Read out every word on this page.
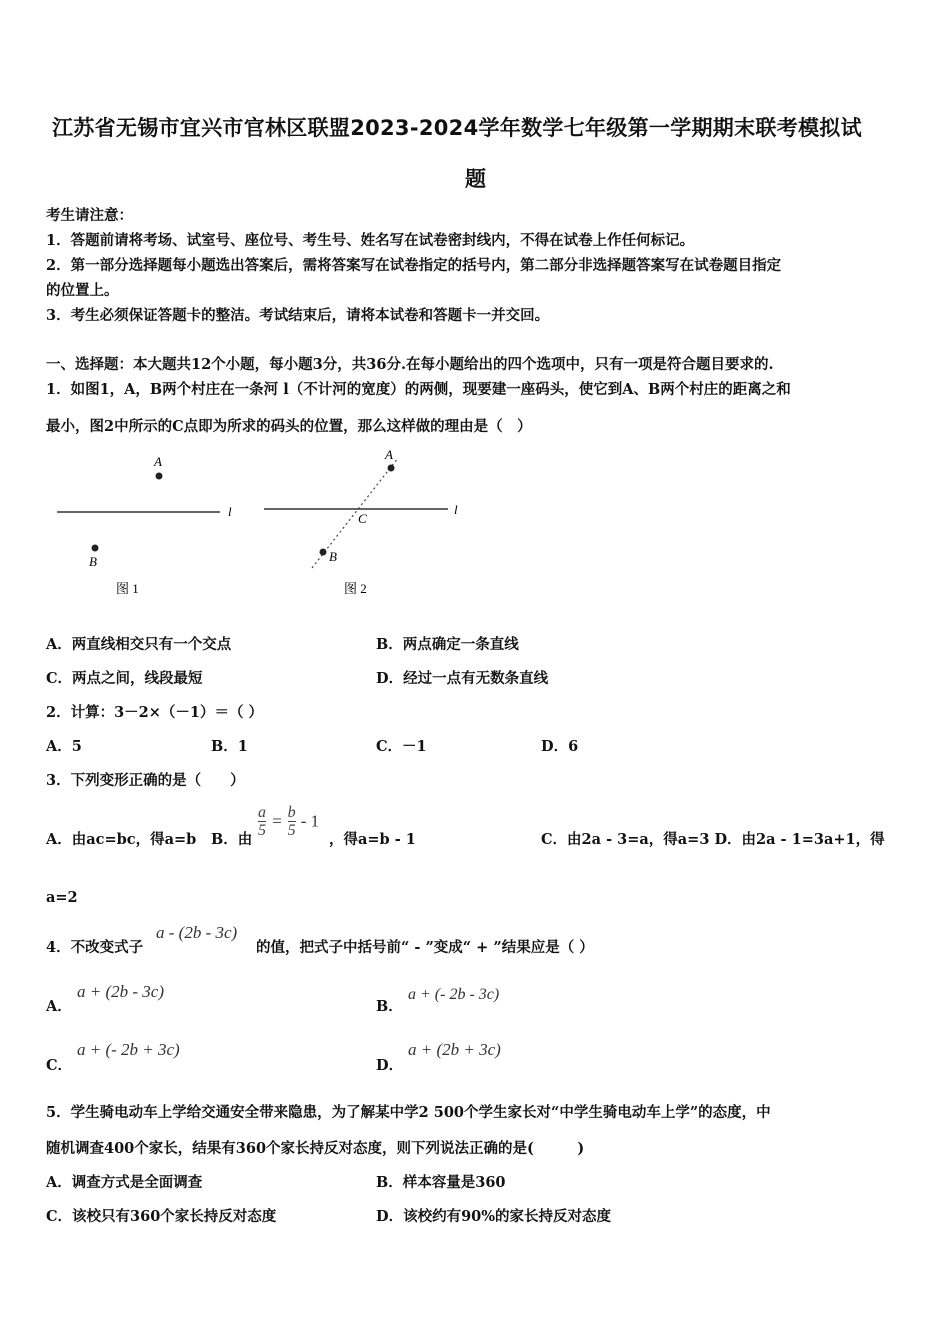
江苏省无锡市宜兴市官林区联盟2023-2024学年数学七年级第一学期期末联考模拟试
题
考生请注意：
1．答题前请将考场、试室号、座位号、考生号、姓名写在试卷密封线内，不得在试卷上作任何标记。
2．第一部分选择题每小题选出答案后，需将答案写在试卷指定的括号内，第二部分非选择题答案写在试卷题目指定
的位置上。
3．考生必须保证答题卡的整洁。考试结束后，请将本试卷和答题卡一并交回。
一、选择题：本大题共12个小题，每小题3分，共36分.在每小题给出的四个选项中，只有一项是符合题目要求的.
1．如图1，A，B两个村庄在一条河 l（不计河的宽度）的两侧，现要建一座码头，使它到A、B两个村庄的距离之和
最小，图2中所示的C点即为所求的码头的位置，那么这样做的理由是（　）
A
B
l
图 1
A
B
C
l
图 2
A．两直线相交只有一个交点	B．两点确定一条直线
C．两点之间，线段最短	D．经过一点有无数条直线
2．计算：3－2×（－1）＝（ ）
A．5	B．1	C．－1	D．6
3．下列变形正确的是（　　）
A．由ac=bc，得a=b B．由
$\frac{a}{5} = \frac{b}{5} - 1$
，得a=b - 1	C．由2a - 3=a，得a=3 D．由2a - 1=3a+1，得
a=2
4．不改变式子
a - (2b - 3c)
的值，把式子中括号前“ - ”变成“ + ”结果应是（ ）
A．
a + (2b - 3c)
B．
a + (- 2b - 3c)
C．
a + (- 2b + 3c)
D．
a + (2b + 3c)
5．学生骑电动车上学给交通安全带来隐患，为了解某中学2 500个学生家长对“中学生骑电动车上学”的态度，中
随机调查400个家长，结果有360个家长持反对态度，则下列说法正确的是(　　　)
A．调查方式是全面调查	B．样本容量是360
C．该校只有360个家长持反对态度	D．该校约有90%的家长持反对态度
